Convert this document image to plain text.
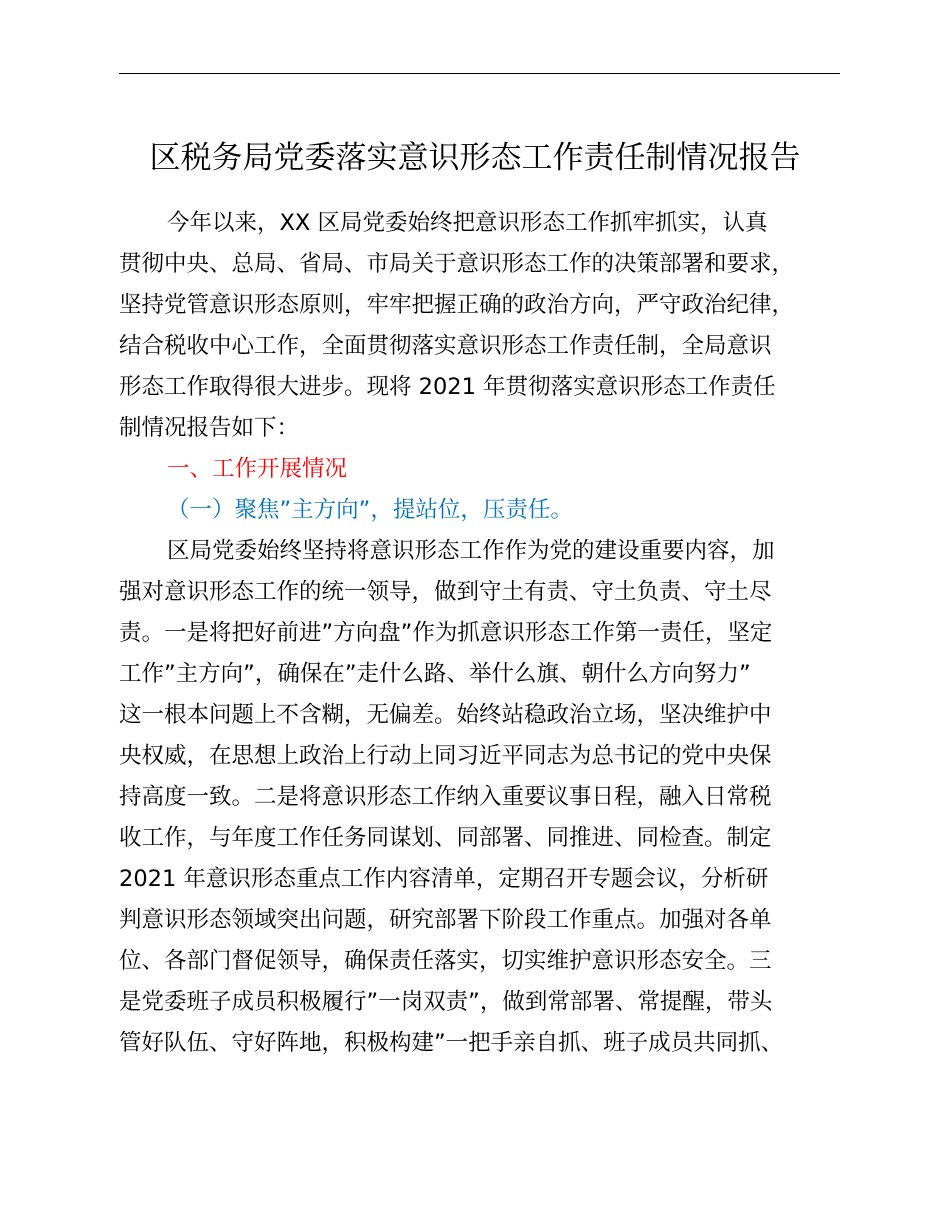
区税务局党委落实意识形态工作责任制情况报告
今年以来，XX 区局党委始终把意识形态工作抓牢抓实，认真
贯彻中央、总局、省局、市局关于意识形态工作的决策部署和要求，
坚持党管意识形态原则，牢牢把握正确的政治方向，严守政治纪律，
结合税收中心工作，全面贯彻落实意识形态工作责任制，全局意识
形态工作取得很大进步。现将 2021 年贯彻落实意识形态工作责任
制情况报告如下：
一、工作开展情况
（一）聚焦”主方向”，提站位，压责任。
区局党委始终坚持将意识形态工作作为党的建设重要内容，加
强对意识形态工作的统一领导，做到守土有责、守土负责、守土尽
责。一是将把好前进”方向盘”作为抓意识形态工作第一责任，坚定
工作”主方向”，确保在”走什么路、举什么旗、朝什么方向努力”
这一根本问题上不含糊，无偏差。始终站稳政治立场，坚决维护中
央权威，在思想上政治上行动上同习近平同志为总书记的党中央保
持高度一致。二是将意识形态工作纳入重要议事日程，融入日常税
收工作，与年度工作任务同谋划、同部署、同推进、同检查。制定
2021 年意识形态重点工作内容清单，定期召开专题会议，分析研
判意识形态领域突出问题，研究部署下阶段工作重点。加强对各单
位、各部门督促领导，确保责任落实，切实维护意识形态安全。三
是党委班子成员积极履行”一岗双责”，做到常部署、常提醒，带头
管好队伍、守好阵地，积极构建”一把手亲自抓、班子成员共同抓、
